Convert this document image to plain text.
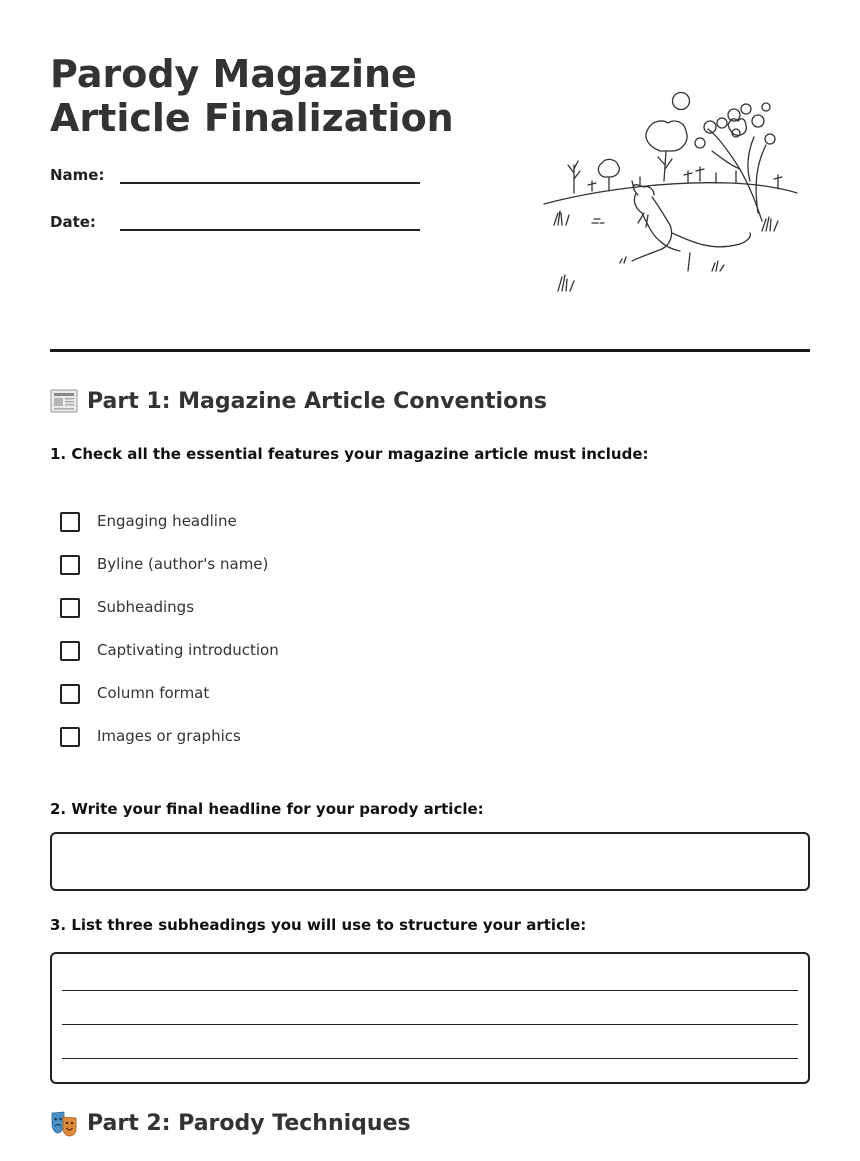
Parody Magazine
Article Finalization
Name:
Date:
Part 1: Magazine Article Conventions

1. Check all the essential features your magazine article must include:

Engaging headline
Byline (author's name)
Subheadings
Captivating introduction
Column format
Images or graphics

2. Write your final headline for your parody article:

3. List three subheadings you will use to structure your article:

Part 2: Parody Techniques
